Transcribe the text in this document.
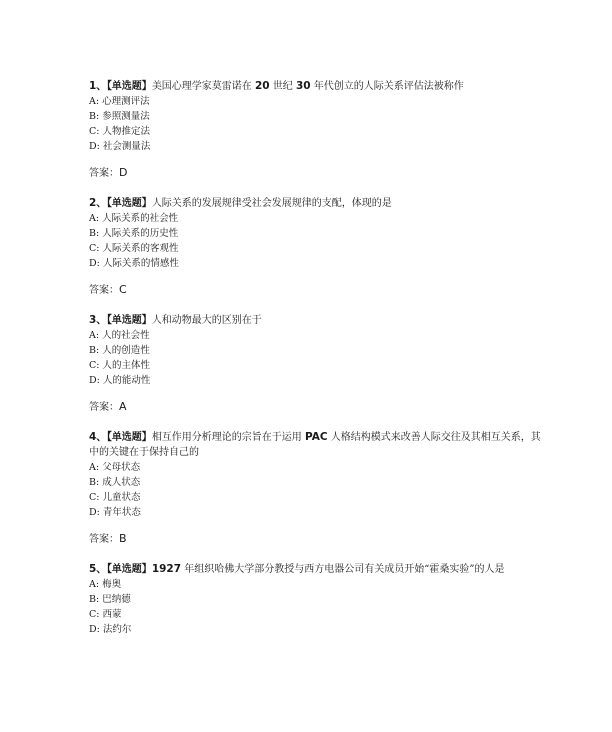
1、【单选题】美国心理学家莫雷诺在 20 世纪 30 年代创立的人际关系评估法被称作

A: 心理测评法

B: 参照测量法

C: 人物推定法

D: 社会测量法

答案：D

2、【单选题】人际关系的发展规律受社会发展规律的支配，体现的是

A: 人际关系的社会性

B: 人际关系的历史性

C: 人际关系的客观性

D: 人际关系的情感性

答案：C

3、【单选题】人和动物最大的区别在于

A: 人的社会性

B: 人的创造性

C: 人的主体性

D: 人的能动性

答案：A

4、【单选题】相互作用分析理论的宗旨在于运用 PAC 人格结构模式来改善人际交往及其相互关系，其中的关键在于保持自己的

A: 父母状态

B: 成人状态

C: 儿童状态

D: 青年状态

答案：B

5、【单选题】1927 年组织哈佛大学部分教授与西方电器公司有关成员开始“霍桑实验”的人是

A: 梅奥

B: 巴纳德

C: 西蒙

D: 法约尔
